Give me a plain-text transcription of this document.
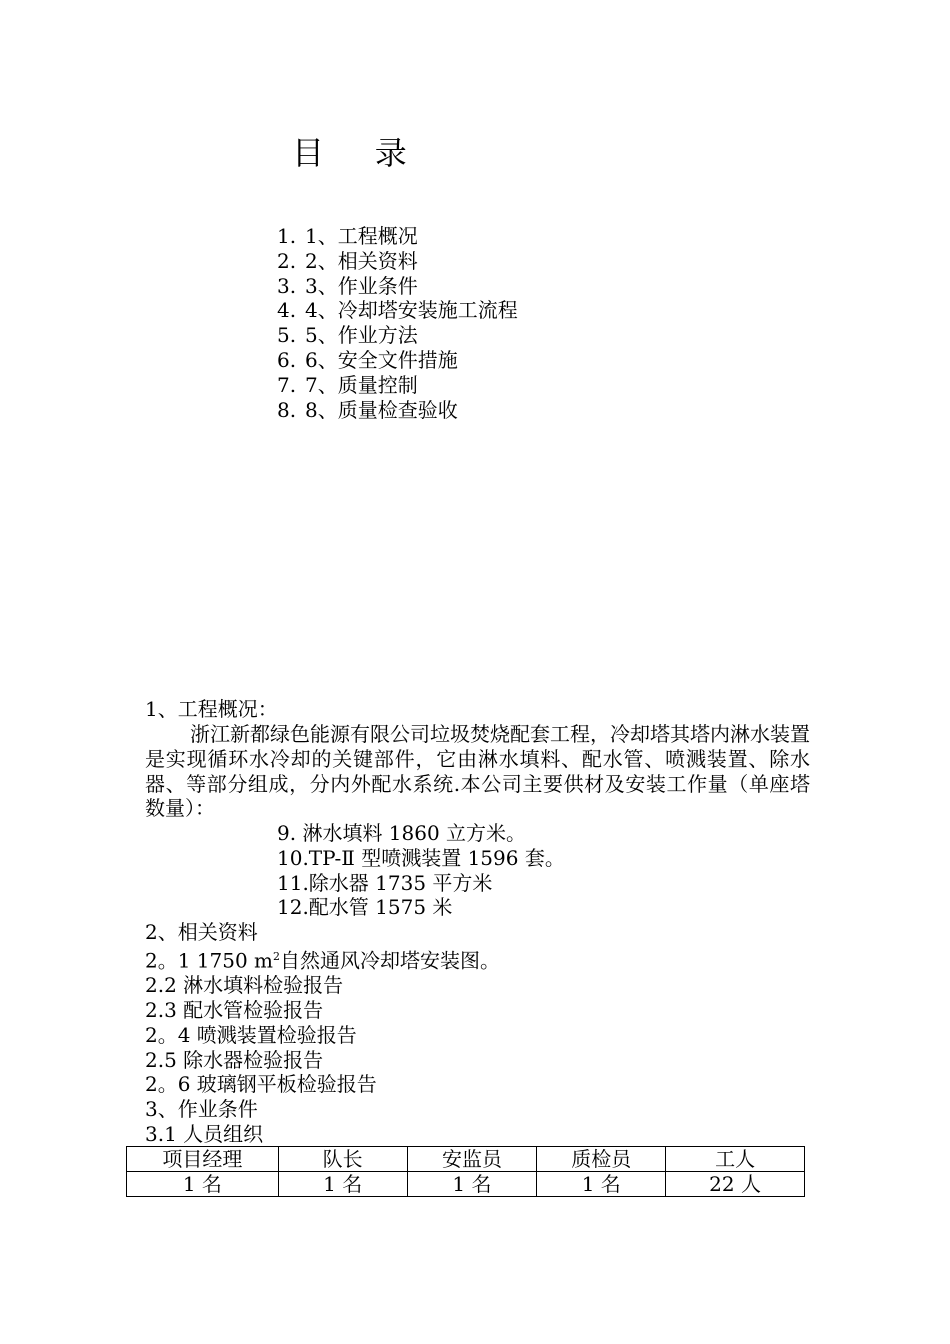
目    录
1. 1、工程概况
2. 2、相关资料
3. 3、作业条件
4. 4、冷却塔安装施工流程
5. 5、作业方法
6. 6、安全文件措施
7. 7、质量控制
8. 8、质量检查验收
1、工程概况：
浙江新都绿色能源有限公司垃圾焚烧配套工程，冷却塔其塔内淋水装置是实现循环水冷却的关键部件，它由淋水填料、配水管、喷溅装置、除水器、等部分组成，分内外配水系统.本公司主要供材及安装工作量（单座塔数量）：
9. 淋水填料 1860 立方米。
10.TP-Ⅱ 型喷溅装置 1596 套。
11.除水器 1735 平方米
12.配水管 1575 米
2、相关资料
2。1 1750 $m^2$自然通风冷却塔安装图。
2.2 淋水填料检验报告
2.3 配水管检验报告
2。4 喷溅装置检验报告
2.5 除水器检验报告
2。6 玻璃钢平板检验报告
3、作业条件
3.1 人员组织
项目经理	队长	安监员	质检员	工人
1 名	1 名	1 名	1 名	22 人
